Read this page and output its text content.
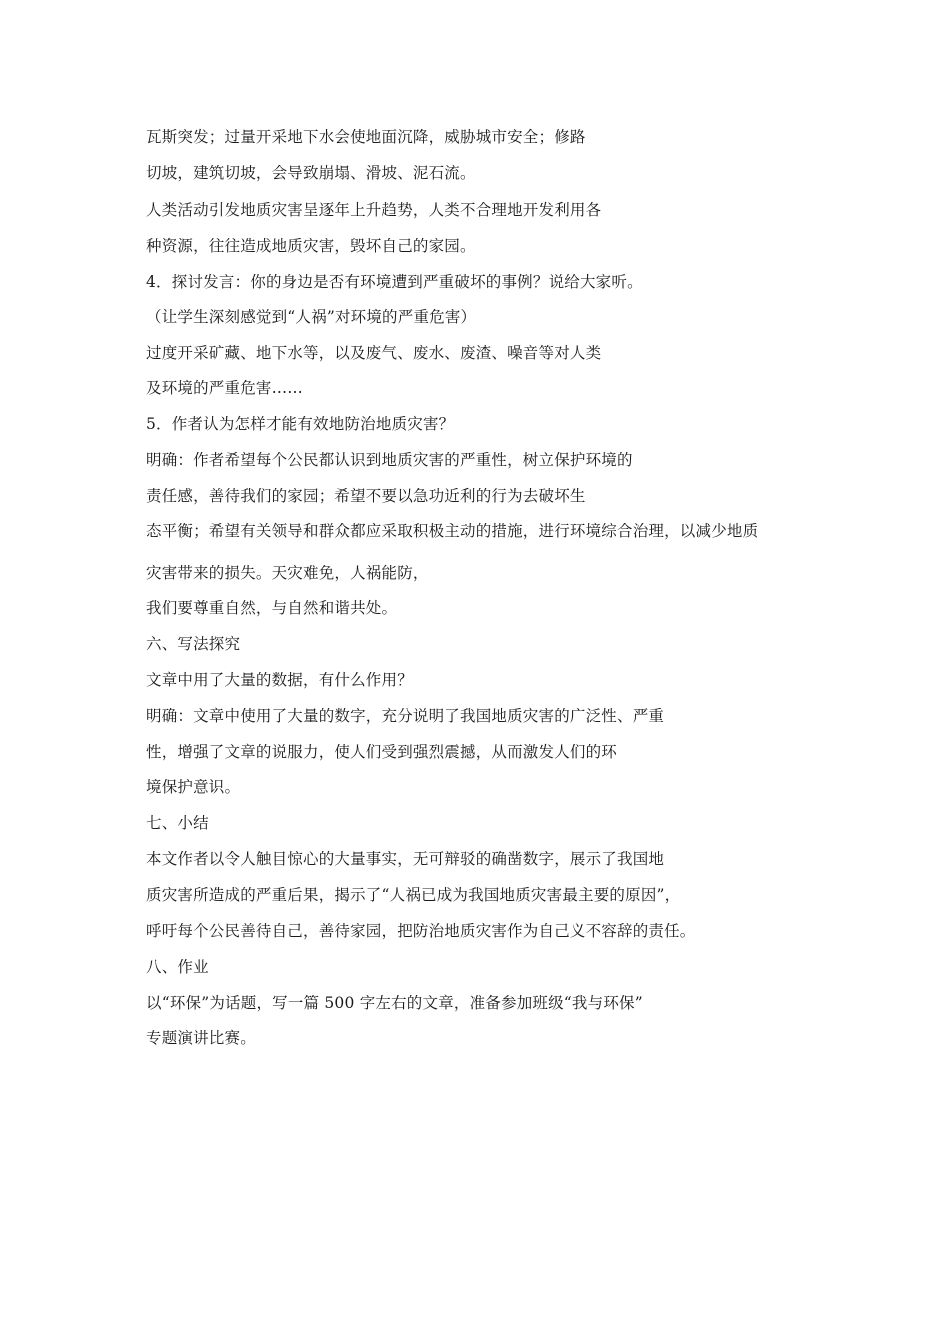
瓦斯突发；过量开采地下水会使地面沉降，威胁城市安全；修路
切坡，建筑切坡，会导致崩塌、滑坡、泥石流。
人类活动引发地质灾害呈逐年上升趋势，人类不合理地开发利用各
种资源，往往造成地质灾害，毁坏自己的家园。
4．探讨发言：你的身边是否有环境遭到严重破坏的事例？说给大家听。
（让学生深刻感觉到“人祸”对环境的严重危害）
过度开采矿藏、地下水等，以及废气、废水、废渣、噪音等对人类
及环境的严重危害……
5．作者认为怎样才能有效地防治地质灾害？
明确：作者希望每个公民都认识到地质灾害的严重性，树立保护环境的
责任感，善待我们的家园；希望不要以急功近利的行为去破坏生
态平衡；希望有关领导和群众都应采取积极主动的措施，进行环境综合治理，以减少地质
灾害带来的损失。天灾难免，人祸能防，
我们要尊重自然，与自然和谐共处。
六、写法探究
文章中用了大量的数据，有什么作用？
明确：文章中使用了大量的数字，充分说明了我国地质灾害的广泛性、严重
性，增强了文章的说服力，使人们受到强烈震撼，从而激发人们的环
境保护意识。
七、小结
本文作者以令人触目惊心的大量事实，无可辩驳的确凿数字，展示了我国地
质灾害所造成的严重后果，揭示了“人祸已成为我国地质灾害最主要的原因”，
呼吁每个公民善待自己，善待家园，把防治地质灾害作为自己义不容辞的责任。
八、作业
以“环保”为话题，写一篇 500 字左右的文章，准备参加班级“我与环保”
专题演讲比赛。
